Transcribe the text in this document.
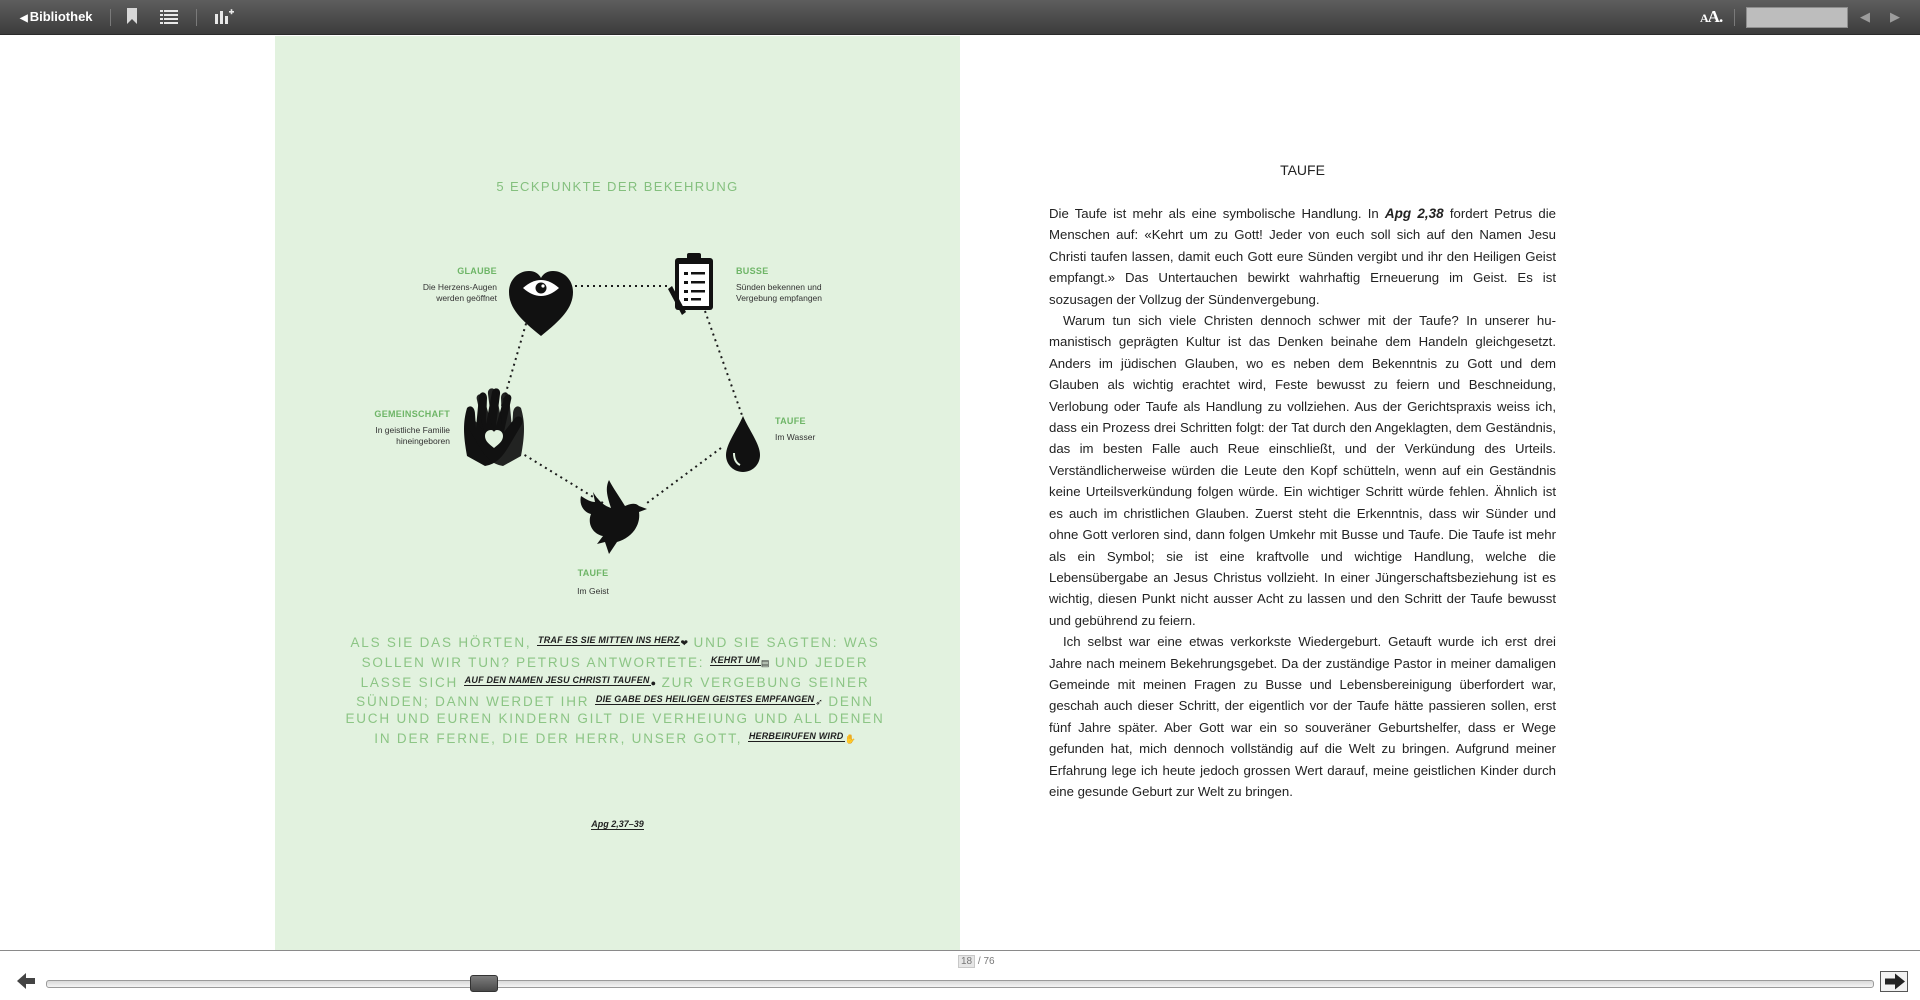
◀ Bibliothek	AA.	◀ ▶
5 ECKPUNKTE DER BEKEHRUNG
GLAUBE
Die Herzens-Augen
werden geöffnet
BUSSE
Sünden bekennen und
Vergebung empfangen
GEMEINSCHAFT
In geistliche Familie
hineingeboren
TAUFE
Im Wasser
TAUFE
Im Geist
ALS SIE DAS HÖRTEN, $^{TRAF ES SIE MITTEN INS HERZ}$❤ UND SIE SAGTEN: WAS SOLLEN WIR TUN? PETRUS ANTWORTETE: $^{KEHRT UM}$▤ UND JEDER LASSE SICH $^{AUF DEN NAMEN JESU CHRISTI TAUFEN}$● ZUR VERGEBUNG SEINER SÜNDEN; DANN WERDET IHR $^{DIE GABE DES HEILIGEN GEISTES EMPFANGEN}$➶ DENN EUCH UND EUREN KINDERN GILT DIE VERHEIUNG UND ALL DENEN IN DER FERNE, DIE DER HERR, UNSER GOTT, $^{HERBEIRUFEN WIRD}$✋
Apg 2,37–39
TAUFE

Die Taufe ist mehr als eine symbolische Handlung. In Apg 2,38 fordert Petrus die Menschen auf: «Kehrt um zu Gott! Jeder von euch soll sich auf den Namen Jesu Christi taufen lassen, damit euch Gott eure Sünden vergibt und ihr den Heiligen Geist empfangt.» Das Untertauchen bewirkt wahrhaftig Erneuerung im Geist. Es ist sozusagen der Vollzug der Sündenvergebung.

Warum tun sich viele Christen dennoch schwer mit der Taufe? In unserer humanistisch geprägten Kultur ist das Denken beinahe dem Handeln gleichgesetzt. Anders im jüdischen Glauben, wo es neben dem Bekenntnis zu Gott und dem Glauben als wichtig erachtet wird, Feste bewusst zu feiern und Beschneidung, Verlobung oder Taufe als Handlung zu vollziehen. Aus der Gerichtspraxis weiss ich, dass ein Prozess drei Schritten folgt: der Tat durch den Angeklagten, dem Geständnis, das im besten Falle auch Reue einschließt, und der Verkündung des Urteils. Verständlicherweise würden die Leute den Kopf schütteln, wenn auf ein Geständnis keine Urteilsverkündung folgen würde. Ein wichtiger Schritt würde fehlen. Ähnlich ist es auch im christlichen Glauben. Zuerst steht die Erkenntnis, dass wir Sünder und ohne Gott verloren sind, dann folgen Umkehr mit Busse und Taufe. Die Taufe ist mehr als ein Symbol; sie ist eine kraftvolle und wichtige Handlung, welche die Lebensübergabe an Jesus Christus vollzieht. In einer Jüngerschaftsbeziehung ist es wichtig, diesen Punkt nicht ausser Acht zu lassen und den Schritt der Taufe bewusst und gebührend zu feiern.

Ich selbst war eine etwas verkorkste Wiedergeburt. Getauft wurde ich erst drei Jahre nach meinem Bekehrungsgebet. Da der zuständige Pastor in meiner damaligen Gemeinde mit meinen Fragen zu Busse und Lebensbereinigung überfordert war, geschah auch dieser Schritt, der eigentlich vor der Taufe hätte passieren sollen, erst fünf Jahre später. Aber Gott war ein so souveräner Geburtshelfer, dass er Wege gefunden hat, mich dennoch vollständig auf die Welt zu bringen. Aufgrund meiner Erfahrung lege ich heute jedoch grossen Wert darauf, meine geistlichen Kinder durch eine gesunde Geburt zur Welt zu bringen.

18 / 76
